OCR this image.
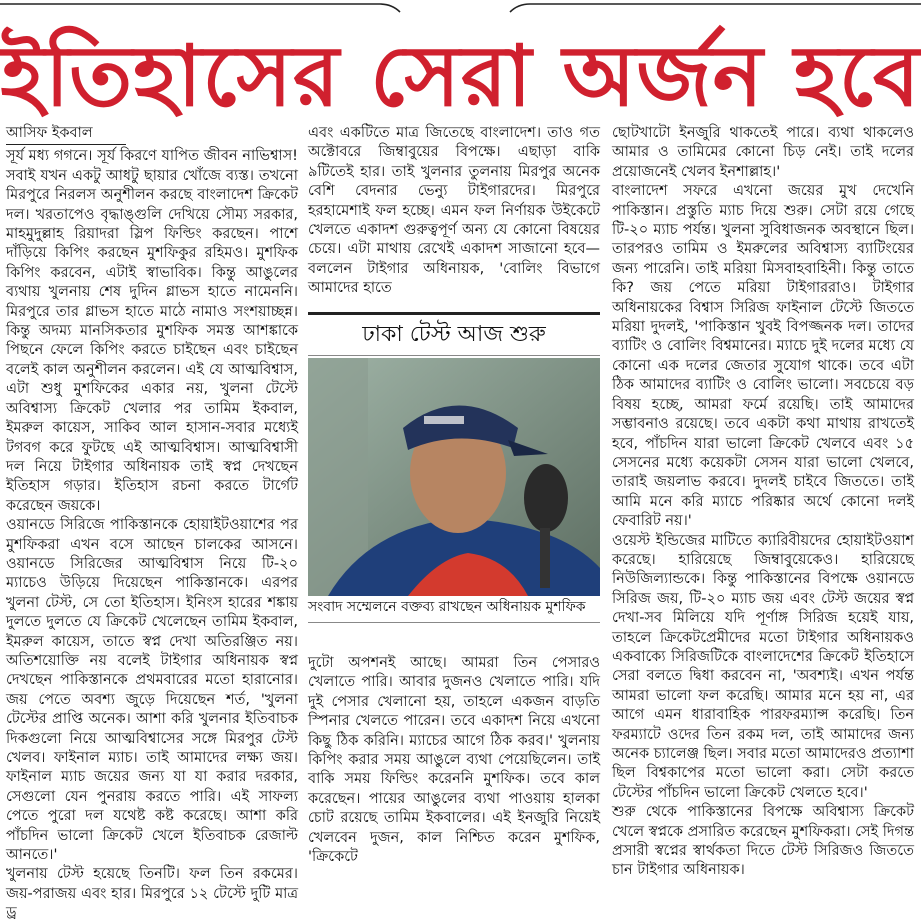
ইতিহাসের সেরা অর্জন হবে
আসিফ ইকবাল

সূর্য মধ্য গগনে। সূর্য কিরণে যাপিত জীবন নাভিশ্বাস! সবাই যখন একটু আধটু ছায়ার খোঁজে ব্যস্ত। তখনো মিরপুরে নিরলস অনুশীলন করছে বাংলাদেশ ক্রিকেট দল। খরতাপেও বৃদ্ধাঙ্গুলি দেখিয়ে সৌম্য সরকার, মাহমুদুল্লাহ রিয়াদরা স্লিপ ফিল্ডিং করছেন। পাশে দাঁড়িয়ে কিপিং করছেন মুশফিকুর রহিমও। মুশফিক কিপিং করবেন, এটাই স্বাভাবিক। কিন্তু আঙুলের ব্যথায় খুলনায় শেষ দুদিন গ্লাভস হাতে নামেননি। মিরপুরে তার গ্লাভস হাতে মাঠে নামাও সংশয়াচ্ছন্ন। কিন্তু অদম্য মানসিকতার মুশফিক সমস্ত আশঙ্কাকে পিছনে ফেলে কিপিং করতে চাইছেন এবং চাইছেন বলেই কাল অনুশীলন করলেন। এই যে আত্মবিশ্বাস, এটা শুধু মুশফিকের একার নয়, খুলনা টেস্টে অবিশ্বাস্য ক্রিকেট খেলার পর তামিম ইকবাল, ইমরুল কায়েস, সাকিব আল হাসান-সবার মধ্যেই টগবগ করে ফুটছে এই আত্মবিশ্বাস। আত্মবিশ্বাসী দল নিয়ে টাইগার অধিনায়ক তাই স্বপ্ন দেখছেন ইতিহাস গড়ার। ইতিহাস রচনা করতে টার্গেট করেছেন জয়কে।

ওয়ানডে সিরিজে পাকিস্তানকে হোয়াইটওয়াশের পর মুশফিকরা এখন বসে আছেন চালকের আসনে। ওয়ানডে সিরিজের আত্মবিশ্বাস নিয়ে টি-২০ ম্যাচেও উড়িয়ে দিয়েছেন পাকিস্তানকে। এরপর খুলনা টেস্ট, সে তো ইতিহাস। ইনিংস হারের শঙ্কায় দুলতে দুলতে যে ক্রিকেট খেলেছেন তামিম ইকবাল, ইমরুল কায়েস, তাতে স্বপ্ন দেখা অতিরঞ্জিত নয়। অতিশয়োক্তি নয় বলেই টাইগার অধিনায়ক স্বপ্ন দেখছেন পাকিস্তানকে প্রথমবারের মতো হারানোর। জয় পেতে অবশ্য জুড়ে দিয়েছেন শর্ত, 'খুলনা টেস্টের প্রাপ্তি অনেক। আশা করি খুলনার ইতিবাচক দিকগুলো নিয়ে আত্মবিশ্বাসের সঙ্গে মিরপুর টেস্ট খেলব। ফাইনাল ম্যাচ। তাই আমাদের লক্ষ্য জয়। ফাইনাল ম্যাচ জয়ের জন্য যা যা করার দরকার, সেগুলো যেন পুনরায় করতে পারি। এই সাফল্য পেতে পুরো দল যথেষ্ট কষ্ট করেছে। আশা করি পাঁচদিন ভালো ক্রিকেট খেলে ইতিবাচক রেজাল্ট আনতে।'

খুলনায় টেস্ট হয়েছে তিনটি। ফল তিন রকমের। জয়-পরাজয় এবং হার। মিরপুরে ১২ টেস্টে দুটি মাত্র ড্র

এবং একটিতে মাত্র জিতেছে বাংলাদেশ। তাও গত অক্টোবরে জিম্বাবুয়ের বিপক্ষে। এছাড়া বাকি ৯টিতেই হার। তাই খুলনার তুলনায় মিরপুর অনেক বেশি বেদনার ভেন্যু টাইগারদের। মিরপুরে হরহামেশাই ফল হচ্ছে। এমন ফল নির্ণায়ক উইকেটে খেলতে একাদশ গুরুত্বপূর্ণ অন্য যে কোনো বিষয়ের চেয়ে। এটা মাথায় রেখেই একাদশ সাজানো হবে— বললেন টাইগার অধিনায়ক, 'বোলিং বিভাগে আমাদের হাতে

ঢাকা টেস্ট আজ শুরু
সংবাদ সম্মেলনে বক্তব্য রাখছেন অধিনায়ক মুশফিক

দুটো অপশনই আছে। আমরা তিন পেসারও খেলাতে পারি। আবার দুজনও খেলাতে পারি। যদি দুই পেসার খেলানো হয়, তাহলে একজন বাড়তি স্পিনার খেলতে পারেন। তবে একাদশ নিয়ে এখনো কিছু ঠিক করিনি। ম্যাচের আগে ঠিক করব।' খুলনায় কিপিং করার সময় আঙুলে ব্যথা পেয়েছিলেন। তাই বাকি সময় ফিল্ডিং করেননি মুশফিক। তবে কাল করেছেন। পায়ের আঙুলের ব্যথা পাওয়ায় হালকা চোট রয়েছে তামিম ইকবালের। এই ইনজুরি নিয়েই খেলবেন দুজন, কাল নিশ্চিত করেন মুশফিক, 'ক্রিকেটে

ছোটখাটো ইনজুরি থাকতেই পারে। ব্যথা থাকলেও আমার ও তামিমের কোনো চিড় নেই। তাই দলের প্রয়োজনেই খেলব ইনশাল্লাহ।'

বাংলাদেশ সফরে এখনো জয়ের মুখ দেখেনি পাকিস্তান। প্রস্তুতি ম্যাচ দিয়ে শুরু। সেটা রয়ে গেছে টি-২০ ম্যাচ পর্যন্ত। খুলনা সুবিধাজনক অবস্থানে ছিল। তারপরও তামিম ও ইমরুলের অবিশ্বাস্য ব্যাটিংয়ের জন্য পারেনি। তাই মরিয়া মিসবাহবাহিনী। কিন্তু তাতে কি? জয় পেতে মরিয়া টাইগাররাও। টাইগার অধিনায়কের বিশ্বাস সিরিজ ফাইনাল টেস্টে জিততে মরিয়া দুদলই, 'পাকিস্তান খুবই বিপজ্জনক দল। তাদের ব্যাটিং ও বোলিং বিশ্বমানের। ম্যাচে দুই দলের মধ্যে যে কোনো এক দলের জেতার সুযোগ থাকে। তবে এটা ঠিক আমাদের ব্যাটিং ও বোলিং ভালো। সবচেয়ে বড় বিষয় হচ্ছে, আমরা ফর্মে রয়েছি। তাই আমাদের সম্ভাবনাও রয়েছে। তবে একটা কথা মাথায় রাখতেই হবে, পাঁচদিন যারা ভালো ক্রিকেট খেলবে এবং ১৫ সেসনের মধ্যে কয়েকটা সেসন যারা ভালো খেলবে, তারাই জয়লাভ করবে। দুদলই চাইবে জিততে। তাই আমি মনে করি ম্যাচে পরিষ্কার অর্থে কোনো দলই ফেবারিট নয়।'

ওয়েস্ট ইন্ডিজের মাটিতে ক্যারিবীয়দের হোয়াইটওয়াশ করেছে। হারিয়েছে জিম্বাবুয়েকেও। হারিয়েছে নিউজিল্যান্ডকে। কিন্তু পাকিস্তানের বিপক্ষে ওয়ানডে সিরিজ জয়, টি-২০ ম্যাচ জয় এবং টেস্ট জয়ের স্বপ্ন দেখা-সব মিলিয়ে যদি পূর্ণাঙ্গ সিরিজ হয়েই যায়, তাহলে ক্রিকেটপ্রেমীদের মতো টাইগার অধিনায়কও একবাক্যে সিরিজটিকে বাংলাদেশের ক্রিকেট ইতিহাসে সেরা বলতে দ্বিধা করবেন না, 'অবশ্যই। এখন পর্যন্ত আমরা ভালো ফল করেছি। আমার মনে হয় না, এর আগে এমন ধারাবাহিক পারফরম্যান্স করেছি। তিন ফরম্যাটে ওদের তিন রকম দল, তাই আমাদের জন্য অনেক চ্যালেঞ্জ ছিল। সবার মতো আমাদেরও প্রত্যাশা ছিল বিশ্বকাপের মতো ভালো করা। সেটা করতে টেস্টের পাঁচদিন ভালো ক্রিকেট খেলতে হবে।'

শুরু থেকে পাকিস্তানের বিপক্ষে অবিশ্বাস্য ক্রিকেট খেলে স্বপ্নকে প্রসারিত করেছেন মুশফিকরা। সেই দিগন্ত প্রসারী স্বপ্নের স্বার্থকতা দিতে টেস্ট সিরিজও জিততে চান টাইগার অধিনায়ক।
